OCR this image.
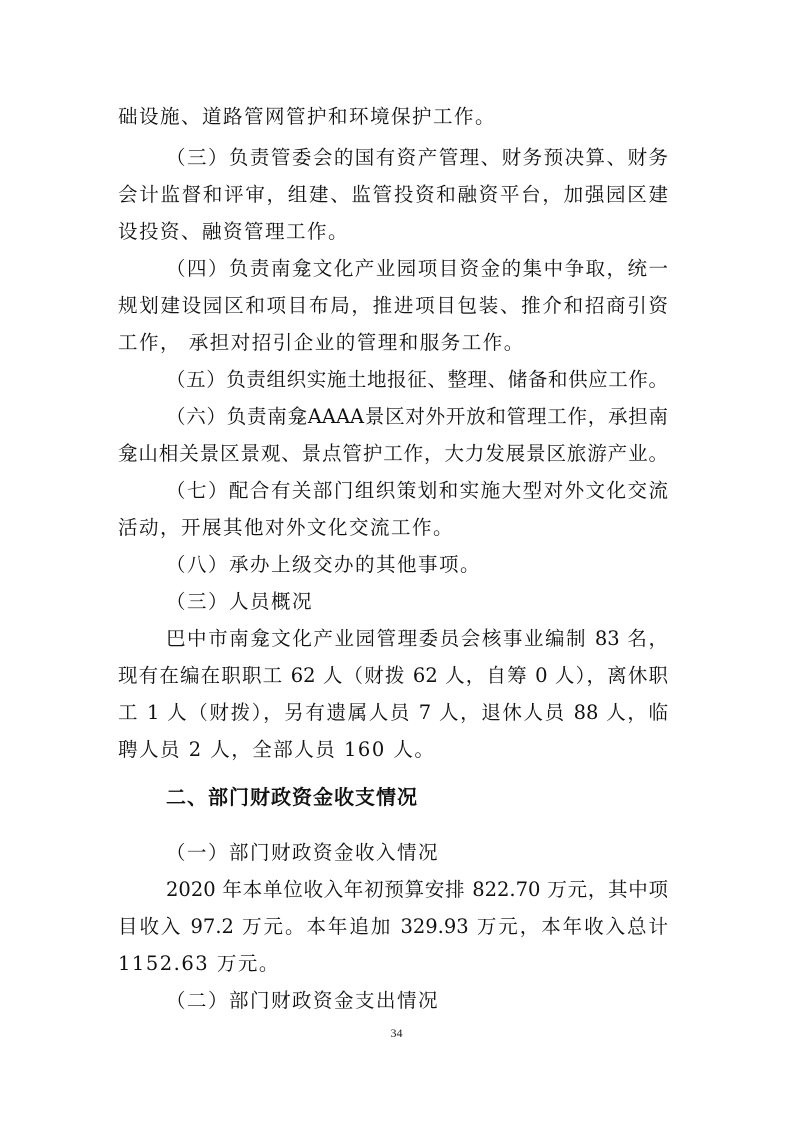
础设施、道路管网管护和环境保护工作。
（三）负责管委会的国有资产管理、财务预决算、财务
会计监督和评审，组建、监管投资和融资平台，加强园区建
设投资、融资管理工作。
（四）负责南龛文化产业园项目资金的集中争取，统一
规划建设园区和项目布局，推进项目包装、推介和招商引资
工作， 承担对招引企业的管理和服务工作。
（五）负责组织实施土地报征、整理、储备和供应工作。
（六）负责南龛AAAA景区对外开放和管理工作，承担南
龛山相关景区景观、景点管护工作，大力发展景区旅游产业。
（七）配合有关部门组织策划和实施大型对外文化交流
活动，开展其他对外文化交流工作。
（八）承办上级交办的其他事项。
（三）人员概况
巴中市南龛文化产业园管理委员会核事业编制 83 名，
现有在编在职职工 62 人（财拨 62 人，自筹 0 人），离休职
工 1 人（财拨），另有遗属人员 7 人，退休人员 88 人，临
聘人员 2 人，全部人员 160 人。
二、部门财政资金收支情况
（一）部门财政资金收入情况
2020 年本单位收入年初预算安排 822.70 万元，其中项
目收入 97.2 万元。本年追加 329.93 万元，本年收入总计
1152.63 万元。
（二）部门财政资金支出情况
34
